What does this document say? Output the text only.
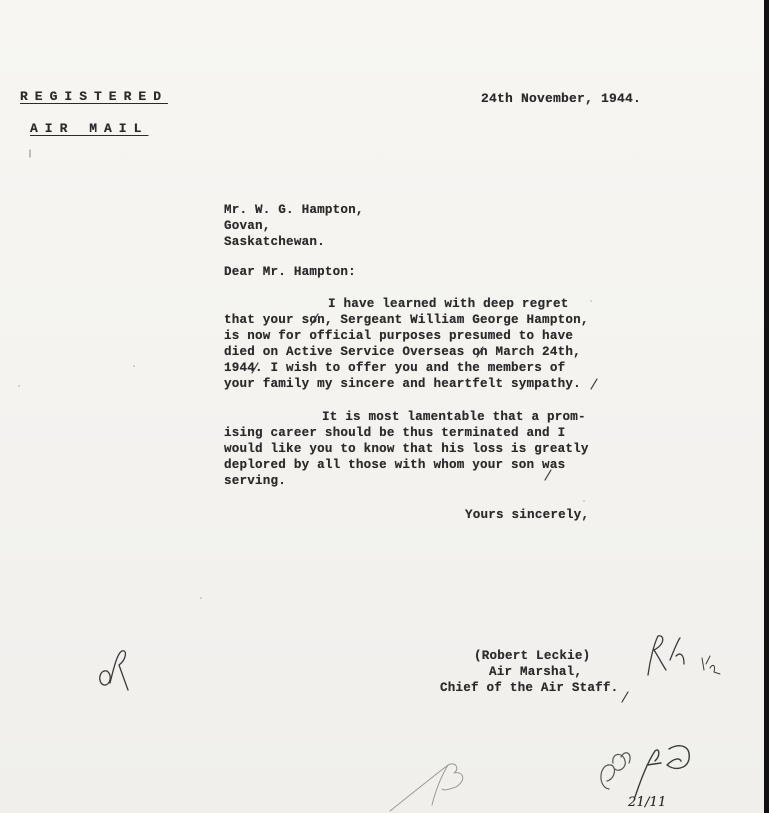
REGISTERED
AIR MAIL
24th November, 1944.
Mr. W. G. Hampton,
Govan,
Saskatchewan.
Dear Mr. Hampton:
I have learned with deep regret
that your son, Sergeant William George Hampton,
is now for official purposes presumed to have
died on Active Service Overseas on March 24th,
1944. I wish to offer you and the members of
your family my sincere and heartfelt sympathy.
It is most lamentable that a prom-
ising career should be thus terminated and I
would like you to know that his loss is greatly
deplored by all those with whom your son was
serving.
Yours sincerely,
(Robert Leckie)
Air Marshal,
Chief of the Air Staff.
21/11
